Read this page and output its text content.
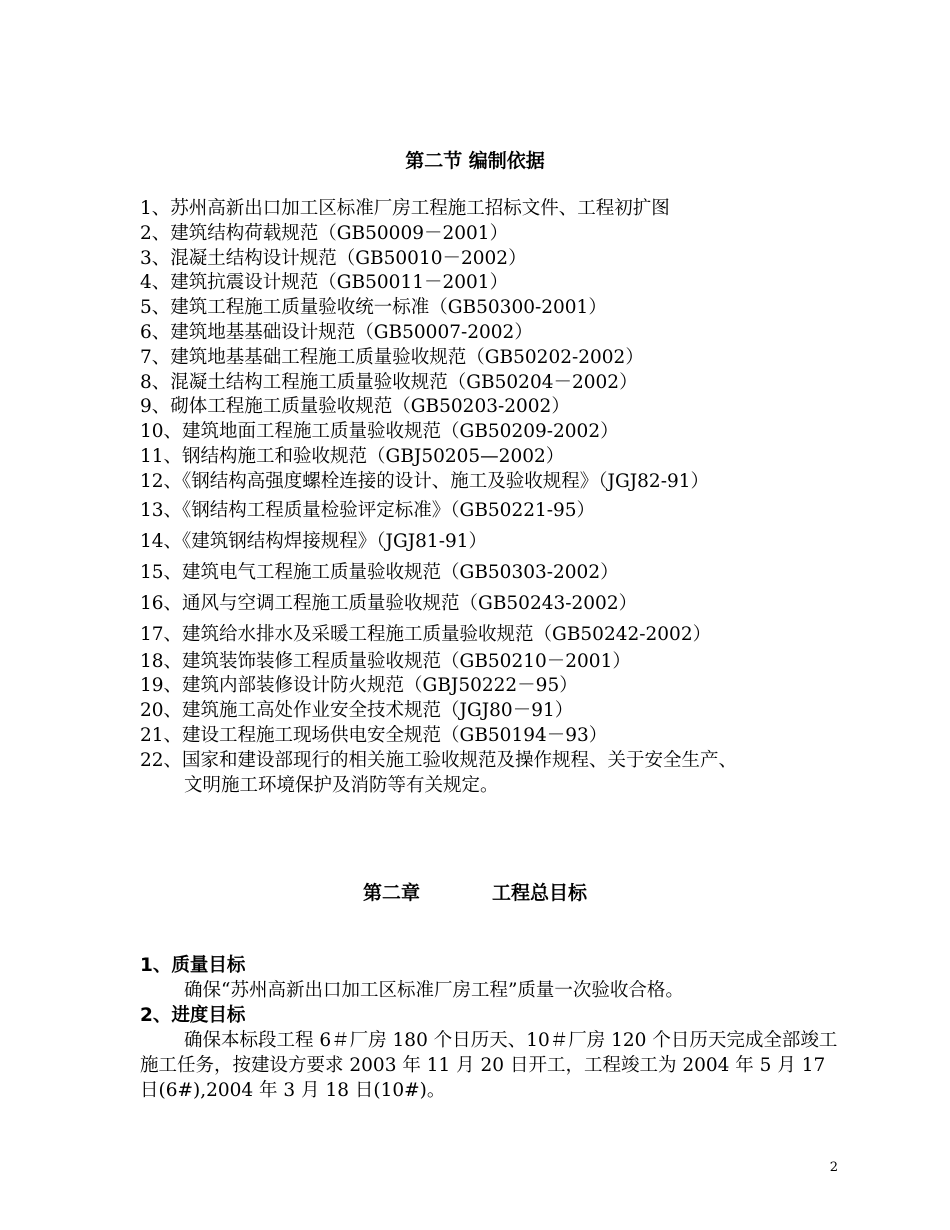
第二节 编制依据
1、苏州高新出口加工区标准厂房工程施工招标文件、工程初扩图
2、建筑结构荷载规范（GB50009－2001）
3、混凝土结构设计规范（GB50010－2002）
4、建筑抗震设计规范（GB50011－2001）
5、建筑工程施工质量验收统一标准（GB50300-2001）
6、建筑地基基础设计规范（GB50007-2002）
7、建筑地基基础工程施工质量验收规范（GB50202-2002）
8、混凝土结构工程施工质量验收规范（GB50204－2002）
9、砌体工程施工质量验收规范（GB50203-2002）
10、建筑地面工程施工质量验收规范（GB50209-2002）
11、钢结构施工和验收规范（GBJ50205—2002）
12、《钢结构高强度螺栓连接的设计、施工及验收规程》（JGJ82-91）
13、《钢结构工程质量检验评定标准》（GB50221-95）
14、《建筑钢结构焊接规程》（JGJ81-91）
15、建筑电气工程施工质量验收规范（GB50303-2002）
16、通风与空调工程施工质量验收规范（GB50243-2002）
17、建筑给水排水及采暖工程施工质量验收规范（GB50242-2002）
18、建筑装饰装修工程质量验收规范（GB50210－2001）
19、建筑内部装修设计防火规范（GBJ50222－95）
20、建筑施工高处作业安全技术规范（JGJ80－91）
21、建设工程施工现场供电安全规范（GB50194－93）
22、国家和建设部现行的相关施工验收规范及操作规程、关于安全生产、
文明施工环境保护及消防等有关规定。
第二章	工程总目标
1、质量目标
确保“苏州高新出口加工区标准厂房工程”质量一次验收合格。
2、进度目标
确保本标段工程 6＃厂房 180 个日历天、10＃厂房 120 个日历天完成全部竣工施工任务，按建设方要求 2003 年 11 月 20 日开工，工程竣工为 2004 年 5 月 17 日(6#),2004 年 3 月 18 日(10#)。
2
